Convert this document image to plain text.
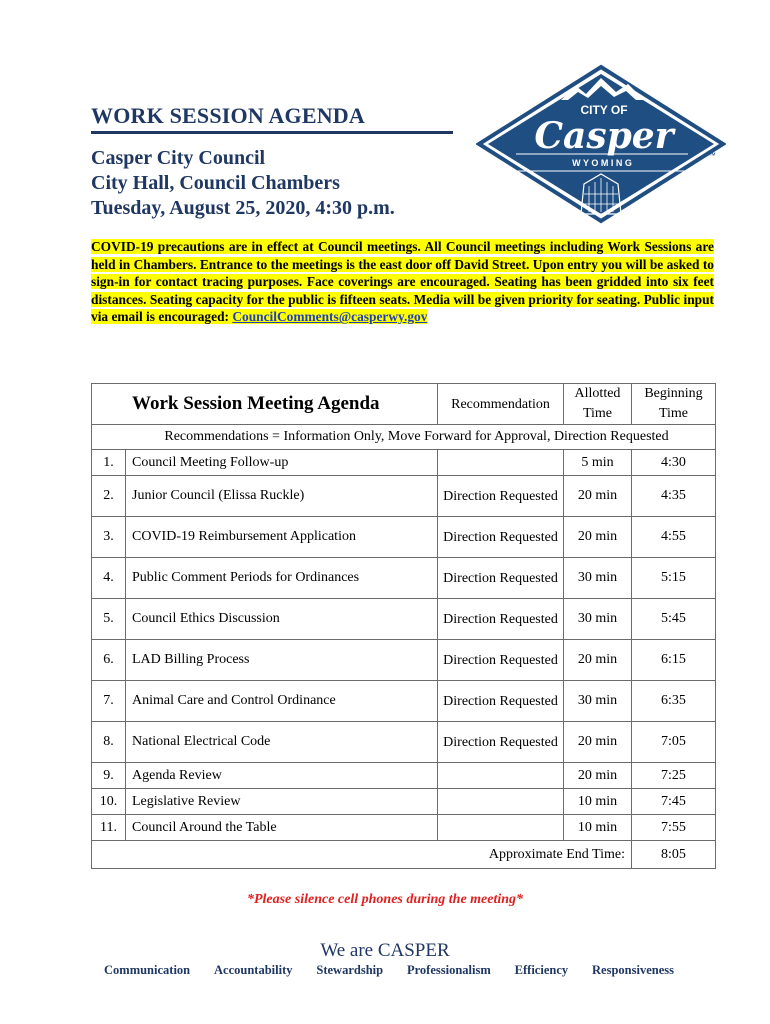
WORK SESSION AGENDA
Casper City Council
City Hall, Council Chambers
Tuesday, August 25, 2020, 4:30 p.m.
CITY OF
Casper
W Y O M I N G
™
COVID-19 precautions are in effect at Council meetings. All Council meetings including Work Sessions are held in Chambers. Entrance to the meetings is the east door off David Street. Upon entry you will be asked to sign-in for contact tracing purposes. Face coverings are encouraged. Seating has been gridded into six feet distances. Seating capacity for the public is fifteen seats. Media will be given priority for seating. Public input via email is encouraged: CouncilComments@casperwy.gov
Work Session Meeting Agenda		Recommendation	Allotted Time	Beginning Time
Recommendations = Information Only, Move Forward for Approval, Direction Requested				
1.	Council Meeting Follow-up		5 min	4:30
2.	Junior Council (Elissa Ruckle)	Direction Requested	20 min	4:35
3.	COVID-19 Reimbursement Application	Direction Requested	20 min	4:55
4.	Public Comment Periods for Ordinances	Direction Requested	30 min	5:15
5.	Council Ethics Discussion	Direction Requested	30 min	5:45
6.	LAD Billing Process	Direction Requested	20 min	6:15
7.	Animal Care and Control Ordinance	Direction Requested	30 min	6:35
8.	National Electrical Code	Direction Requested	20 min	7:05
9.	Agenda Review		20 min	7:25
10.	Legislative Review		10 min	7:45
11.	Council Around the Table		10 min	7:55
Approximate End Time:				8:05
*Please silence cell phones during the meeting*
We are CASPER
Communication Accountability Stewardship Professionalism Efficiency Responsiveness
